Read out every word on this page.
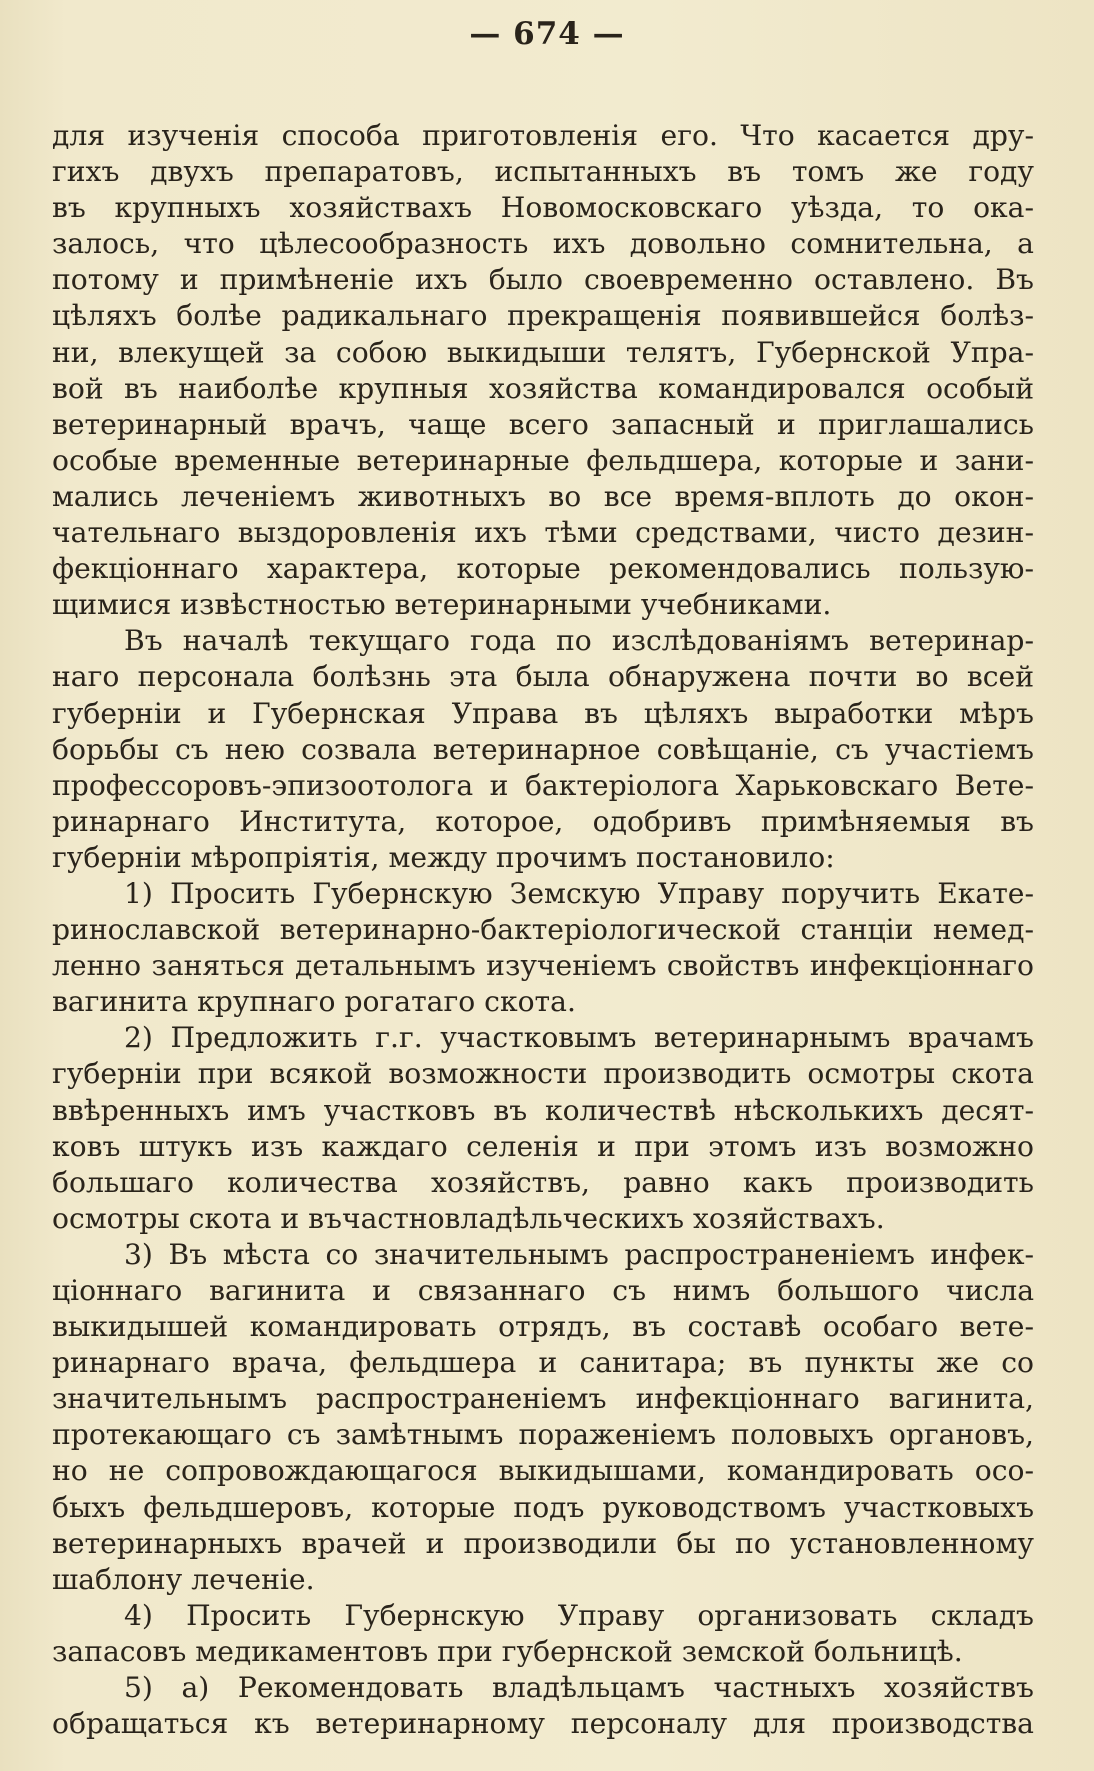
— 674 —
для изученія способа приготовленія его. Что касается дру-
гихъ двухъ препаратовъ, испытанныхъ въ томъ же году
въ крупныхъ хозяйствахъ Новомосковскаго уѣзда, то ока-
залось, что цѣлесообразность ихъ довольно сомнительна, а
потому и примѣненіе ихъ было своевременно оставлено. Въ
цѣляхъ болѣе радикальнаго прекращенія появившейся болѣз-
ни, влекущей за собою выкидыши телятъ, Губернской Упра-
вой въ наиболѣе крупныя хозяйства командировался особый
ветеринарный врачъ, чаще всего запасный и приглашались
особые временные ветеринарные фельдшера, которые и зани-
мались леченіемъ животныхъ во все время-вплоть до окон-
чательнаго выздоровленія ихъ тѣми средствами, чисто дезин-
фекціоннаго характера, которые рекомендовались пользую-
щимися извѣстностью ветеринарными учебниками.
Въ началѣ текущаго года по изслѣдованіямъ ветеринар-
наго персонала болѣзнь эта была обнаружена почти во всей
губерніи и Губернская Управа въ цѣляхъ выработки мѣръ
борьбы съ нею созвала ветеринарное совѣщаніе, съ участіемъ
профессоровъ-эпизоотолога и бактеріолога Харьковскаго Вете-
ринарнаго Института, которое, одобривъ примѣняемыя въ
губерніи мѣропріятія, между прочимъ постановило:
1) Просить Губернскую Земскую Управу поручить Екате-
ринославской ветеринарно-бактеріологической станціи немед-
ленно заняться детальнымъ изученіемъ свойствъ инфекціоннаго
вагинита крупнаго рогатаго скота.
2) Предложить г.г. участковымъ ветеринарнымъ врачамъ
губерніи при всякой возможности производить осмотры скота
ввѣренныхъ имъ участковъ въ количествѣ нѣсколькихъ десят-
ковъ штукъ изъ каждаго селенія и при этомъ изъ возможно
большаго количества хозяйствъ, равно какъ производить
осмотры скота и въчастновладѣльческихъ хозяйствахъ.
3) Въ мѣста со значительнымъ распространеніемъ инфек-
ціоннаго вагинита и связаннаго съ нимъ большого числа
выкидышей командировать отрядъ, въ составѣ особаго вете-
ринарнаго врача, фельдшера и санитара; въ пункты же со
значительнымъ распространеніемъ инфекціоннаго вагинита,
протекающаго съ замѣтнымъ пораженіемъ половыхъ органовъ,
но не сопровождающагося выкидышами, командировать осо-
быхъ фельдшеровъ, которые подъ руководствомъ участковыхъ
ветеринарныхъ врачей и производили бы по установленному
шаблону леченіе.
4) Просить Губернскую Управу организовать складъ
запасовъ медикаментовъ при губернской земской больницѣ.
5) а) Рекомендовать владѣльцамъ частныхъ хозяйствъ
обращаться къ ветеринарному персоналу для производства
